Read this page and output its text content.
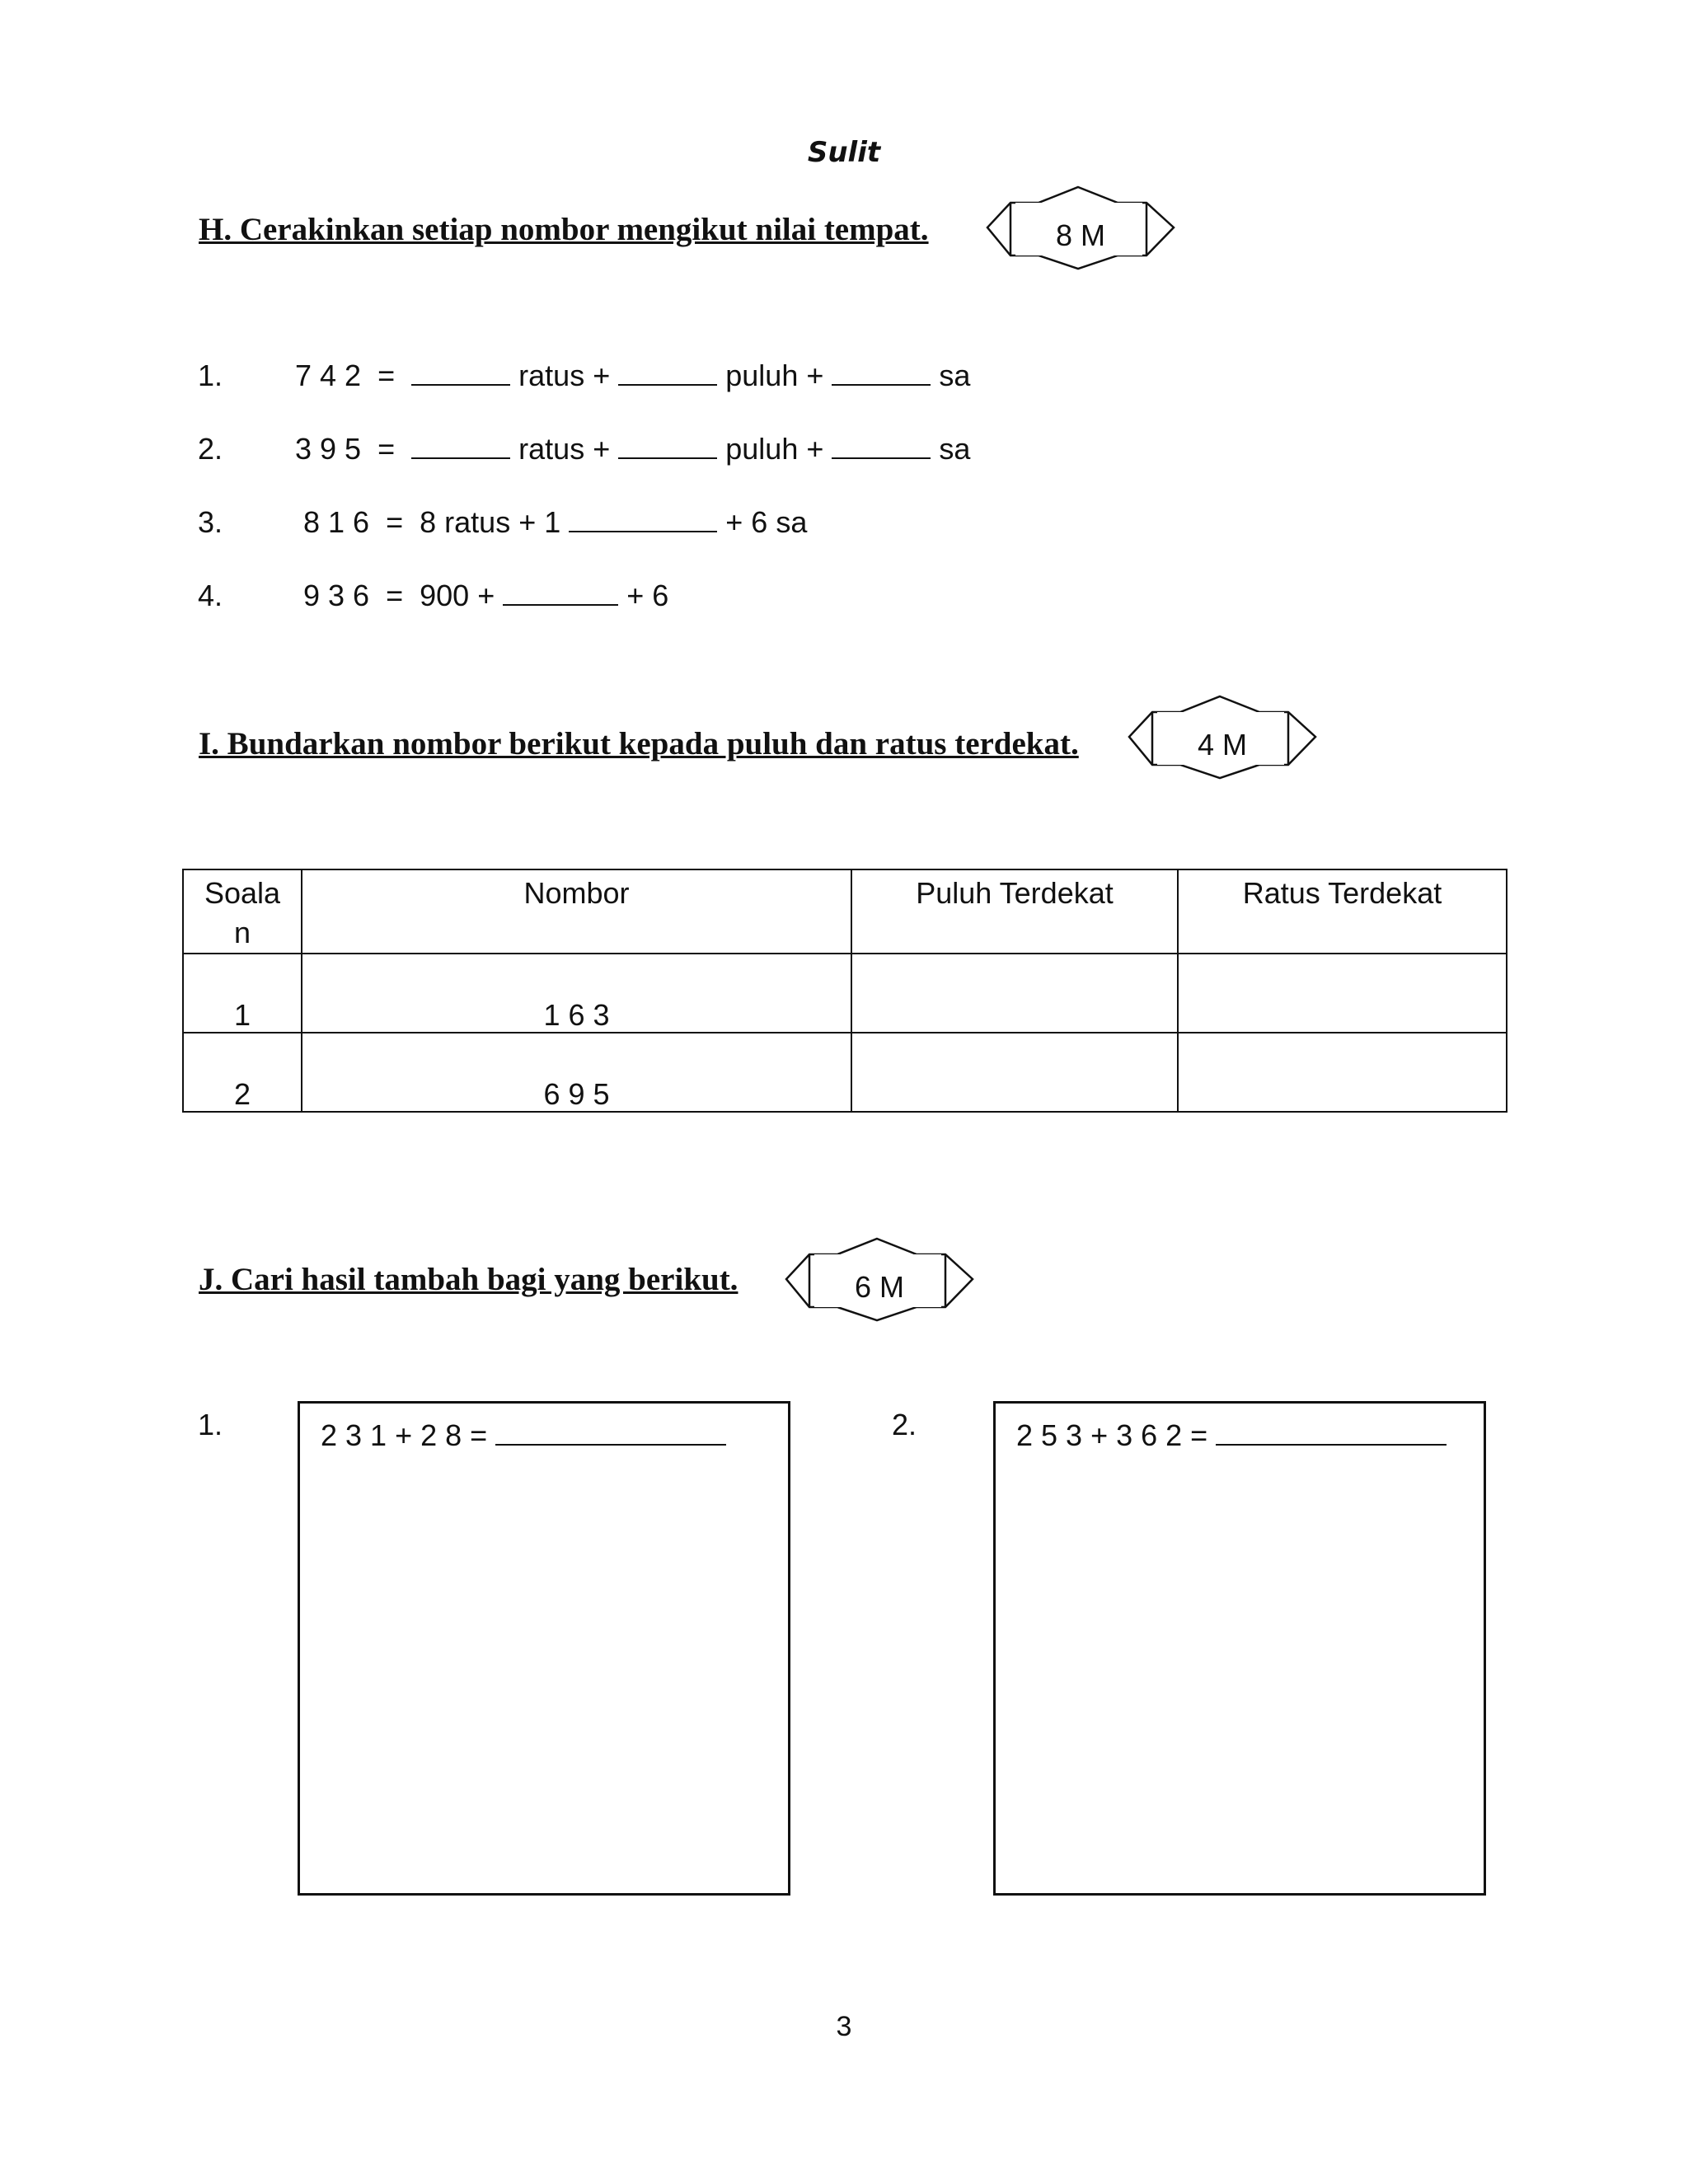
Sulit
H. Cerakinkan setiap nombor mengikut nilai tempat.	8 M
1. 7 4 2 =	ratus +	puluh +	sa
2. 3 9 5 =	ratus +	puluh +	sa
3.	8 1 6 = 8 ratus + 1	+ 6 sa
4.	9 3 6 = 900 +	+ 6
I. Bundarkan nombor berikut kepada puluh dan ratus terdekat.	4 M
Soalan	Nombor	Puluh Terdekat	Ratus Terdekat

1	1 6 3		

2	6 9 5		

J. Cari hasil tambah bagi yang berikut.	6 M
1.	2 3 1 + 2 8 =	2.	2 5 3 + 3 6 2 =
3
